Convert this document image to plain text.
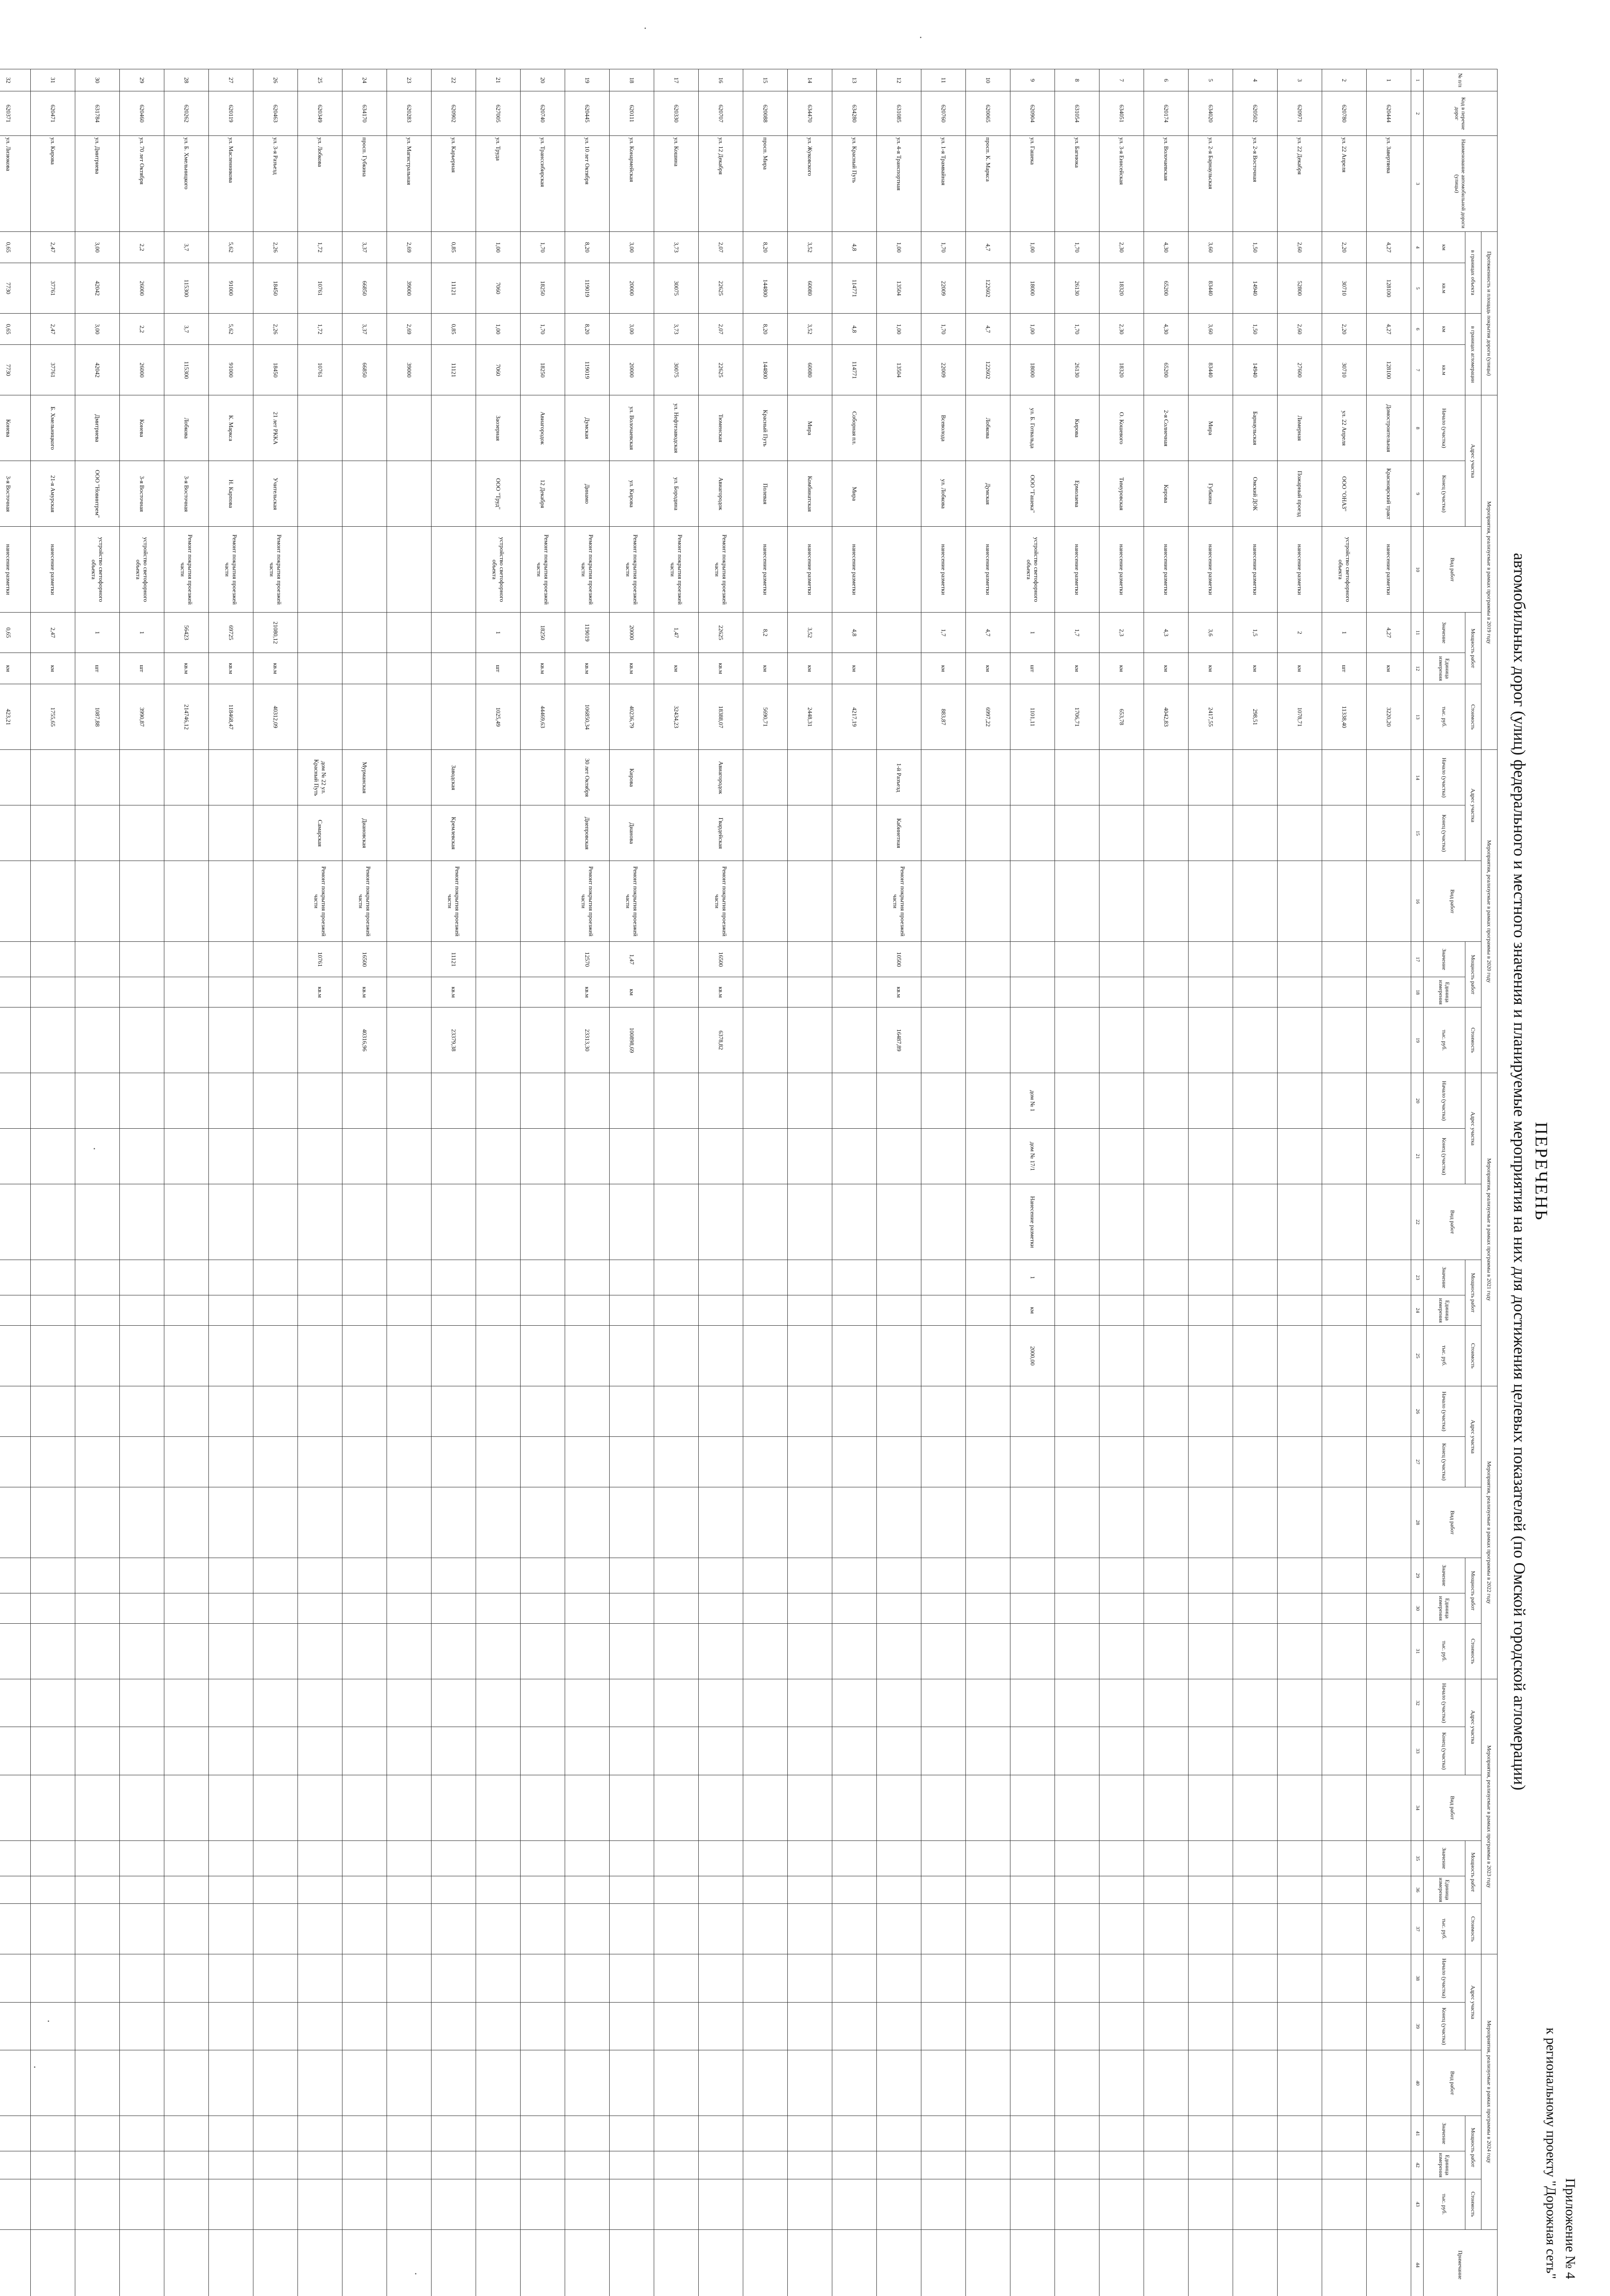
Приложение № 4
к региональному проекту "Дорожная сеть"
ПЕРЕЧЕНЬ
автомобильных дорог (улиц) федерального и местного значения и планируемые мероприятия на них для достижения целевых показателей (по Омской городской агломерации)
№ п/п	Код в перечне дорог	Наименование автомобильной дороги (улицы)	Протяженность и площадь покрытия дороги (улицы)				Мероприятия, реализуемые в рамках программы в 2019 году						Мероприятия, реализуемые в рамках программы в 2020 году						Мероприятия, реализуемые в рамках программы в 2021 году						Мероприятия, реализуемые в рамках программы в 2022 году						Мероприятия, реализуемые в рамках программы в 2023 году						Мероприятия, реализуемые в рамках программы в 2024 году						Примечание
			в границах объекта		в границах агломерации		Адрес участка		Вид работ	Мощность работ		Стоимость	Адрес участка		Вид работ	Мощность работ		Стоимость	Адрес участка		Вид работ	Мощность работ		Стоимость	Адрес участка		Вид работ	Мощность работ		Стоимость	Адрес участка		Вид работ	Мощность работ		Стоимость	Адрес участка		Вид работ	Мощность работ		Стоимость	
			км	кв.м	км	кв.м	Начало (участка)	Конец (участка)		Значение	Единица измерения	тыс. руб.	Начало (участка)	Конец (участка)		Значение	Единица измерения	тыс. руб.	Начало (участка)	Конец (участка)		Значение	Единица измерения	тыс. руб.	Начало (участка)	Конец (участка)		Значение	Единица измерения	тыс. руб.	Начало (участка)	Конец (участка)		Значение	Единица измерения	тыс. руб.	Начало (участка)	Конец (участка)		Значение	Единица измерения	тыс. руб.	
1	2	3	4	5	6	7	8	9	10	11	12	13	14	15	16	17	18	19	20	21	22	23	24	25	26	27	28	29	30	31	32	33	34	35	36	37	38	39	40	41	42	43	44
1	620444	ул. Завертяева	4,27	128100	4,27	128100	Домостроительная	Красноярский тракт	нанесение разметки	4,27	км	3220,20																															
2	620780	ул. 22 Апреля	2,20	30710	2,20	30710	ул. 22 Апреля	ООО "ОНАЗ"	устройство светофорного объекта	1	шт	11338,40																															
3	620971	ул. 22 Декабря	2,60	52800	2,60	27600	Лимерная	Пожарный проезд	нанесение разметки	2	км	1078,71																															
4	620502	ул. 2-я Восточная	1,50	14940	1,50	14940	Барнаульская	Омский ДОК	нанесение разметки	1,5	км	298,51																															
5	634020	ул. 2-я Барнаульская	3,60	83440	3,60	83440	Мира	Губкина	нанесение разметки	3,6	км	2417,55																															
6	620174	ул. Волочаевская	4,30	65200	4,30	65200	2-я Солнечная	Кирова	нанесение разметки	4,3	км	4042,83																															
7	634051	ул. 3-я Енисейская	2,30	18320	2,30	18320	О. Кошевого	Тимуровская	нанесение разметки	2,3	км	653,78																															
8	631054	ул. Багнюка	1,70	26130	1,70	26130	Кирова	Ермолаева	нанесение разметки	1,7	км	1706,71																															
9	620904	ул. Гашека	1,00	18000	1,00	18000	ул. Б. Готвальда	ООО "Гашека"	устройство светофорного объекта	1	шт	1101,11							дом № 1	дом № 17/1	Нанесение разметки	1	км	2000,00																			
10	620065	просп. К. Маркса	4,7	122602	4,7	122602	Лобкова	Думская	нанесение разметки	4,7	км	6997,22																															
11	620760	ул. 1-я Трамвайная	1,70	22009	1,70	22009	Всеволода	ул. Лобкова	нанесение разметки	1,7	км	883,87																															
12	631085	ул. 4-я Транспортная	1,00	13504	1,00	13504							1-й Разъезд	Кабинетная	Ремонт покрытия проезжей части	10500	кв.м	16487,89																									
13	634280	ул. Красный Путь	4,8	114771	4,8	114771	Соборная пл.	Мира	нанесение разметки	4,8	км	4217,19																															
14	634470	ул. Жуковского	3,52	60080	3,52	60080	Мира	Комбинатская	нанесение разметки	3,52	км	2448,31																															
15	620088	просп. Мира	8,20	144800	8,20	144800	Красный Путь	Полевая	нанесение разметки	8,2	км	5690,71																															
16	620707	ул. 12 Декабря	2,07	22625	2,07	22625	Тюменская	Авиагородок	Ремонт покрытия проезжей части	22625	кв.м	18388,07	Авиагородок	Гвардейская	Ремонт покрытия проезжей части	16500	кв.м	6378,82																									
17	620330	ул. Кошина	3,73	30075	3,73	30075	ул. Нефтезаводская	ул. Бородина	Ремонт покрытия проезжей части	1,47	км	32434,23																															
18	620111	ул. Конармейская	3,00	20000	3,00	20000	ул. Волочаевская	ул. Кирова	Ремонт покрытия проезжей части	20000	кв.м	40236,79	Кирова	Дианова	Ремонт покрытия проезжей части	1,47	км	100898,69																									
19	620445	ул. 10 лет Октября	8,20	119019	8,20	119019	Думская	Динамо	Ремонт покрытия проезжей части	119019	кв.м	106850,34	30 лет Октября	Днепровская	Ремонт покрытия проезжей части	12570	кв.м	23313,30																									
20	620740	ул. Транссибирская	1,70	18250	1,70	18250	Авиагородок	12 Декабря	Ремонт покрытия проезжей части	18250	кв.м	44469,63																															
21	627005	ул. Труда	1,00	7060	1,00	7060	Заозерная	ООО "Труд"	устройство светофорного объекта	1	шт	1025,49																															
22	620902	ул. Карьерная	0,85	11121	0,85	11121							Заводская	Кремлевская	Ремонт покрытия проезжей части	11121	кв.м	23379,38																									
23	620283	ул. Магистральная	2,69	39000	2,69	39000																																					
24	634170	просп. Губкина	3,37	66850	3,37	66850							Мурманская	Диановская	Ремонт покрытия проезжей части	16500	кв.м	40316,96																									
25	620349	ул. Лобкова	1,72	10761	1,72	10761							дом № 22 ул. Красный Путь	Самарская	Ремонт покрытия проезжей части	10761	кв.м																										
26	620463	ул. 3-я Разъезд	2,26	18450	2,26	18450	21 лет РККА	Учительская	Ремонт покрытия проезжей части	21080,12	кв.м	40312,09																															
27	620119	ул. Масленникова	5,62	91000	5,62	91000	К. Маркса	Н. Карпова	Ремонт покрытия проезжей части	69725	кв.м	118468,47																															
28	620262	ул. Б. Хмельницкого	3,7	115300	3,7	115300	Лобкова	3-я Восточная	Ремонт покрытия проезжей части	56423	кв.м	214746,12																															
29	620460	ул. 70 лет Октября	2,2	26000	2,2	26000	Конева	3-я Восточная	устройство светофорного объекта	1	шт	3990,87																															
30	631784	ул. Дмитриева	3,00	42042	3,00	42042	Дмитриева	ООО "Новинтрем"	устройство светофорного объекта	1	шт	1087,88																															
31	620471	ул. Кирова	2,47	37761	2,47	37761	Б. Хмельницкого	21-я Амурская	нанесение разметки	2,47	км	1755,65																															
32	620371	ул. Лизюкова	0,65	7730	0,65	7730	Конева	3-я Восточная	нанесение разметки	0,65	км	423,21																															
